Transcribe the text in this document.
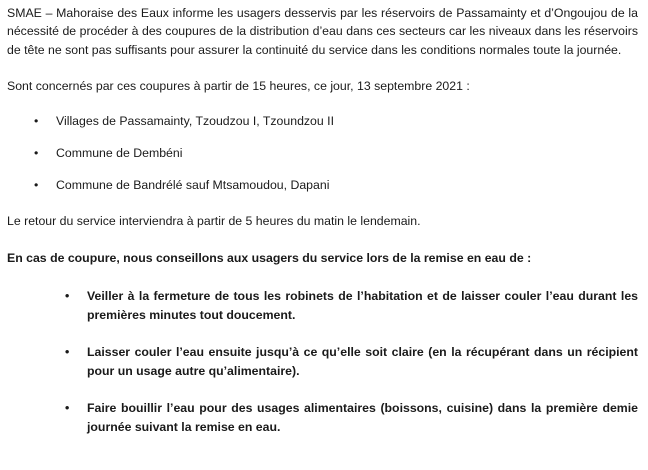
SMAE – Mahoraise des Eaux informe les usagers desservis par les réservoirs de Passamainty et d’Ongoujou de la nécessité de procéder à des coupures de la distribution d’eau dans ces secteurs car les niveaux dans les réservoirs de tête ne sont pas suffisants pour assurer la continuité du service dans les conditions normales toute la journée.

Sont concernés par ces coupures à partir de 15 heures, ce jour, 13 septembre 2021 :

• Villages de Passamainty, Tzoudzou I, Tzoundzou II
• Commune de Dembéni
• Commune de Bandrélé sauf Mtsamoudou, Dapani

Le retour du service interviendra à partir de 5 heures du matin le lendemain.

En cas de coupure, nous conseillons aux usagers du service lors de la remise en eau de :

• Veiller à la fermeture de tous les robinets de l’habitation et de laisser couler l’eau durant les premières minutes tout doucement.
• Laisser couler l’eau ensuite jusqu’à ce qu’elle soit claire (en la récupérant dans un récipient pour un usage autre qu’alimentaire).
• Faire bouillir l’eau pour des usages alimentaires (boissons, cuisine) dans la première demie journée suivant la remise en eau.
